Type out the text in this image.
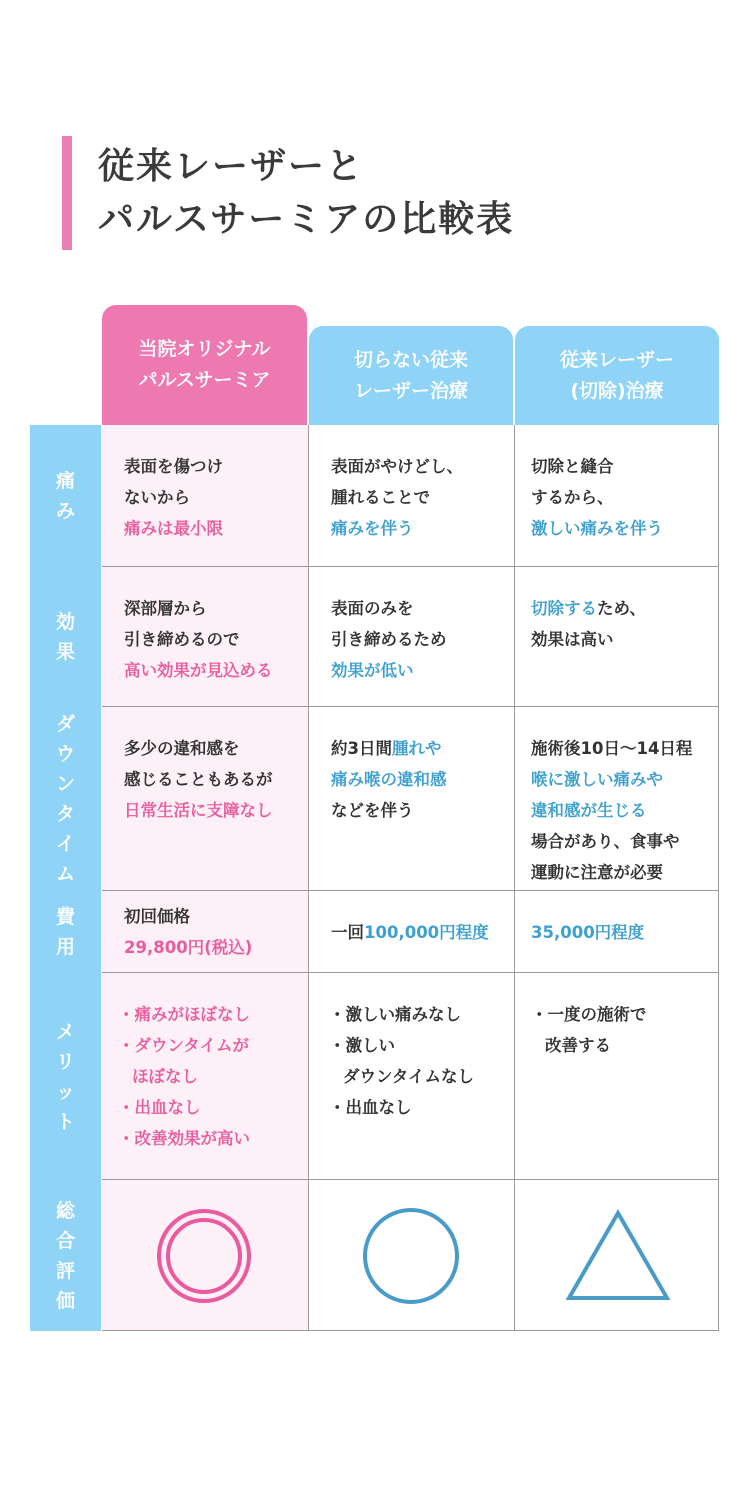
従来レーザーと
パルスサーミアの比較表
当院オリジナル
パルスサーミア
切らない従来
レーザー治療
従来レーザー
(切除)治療
痛み
効果
ダウンタイム
費用
メリット
総合評価
表面を傷つけ
ないから
痛みは最小限
表面がやけどし、
腫れることで
痛みを伴う
切除と縫合
するから、
激しい痛みを伴う
深部層から
引き締めるので
高い効果が見込める
表面のみを
引き締めるため
効果が低い
切除するため、
効果は高い
多少の違和感を
感じることもあるが
日常生活に支障なし
約3日間腫れや
痛み喉の違和感
などを伴う
施術後10日〜14日程
喉に激しい痛みや
違和感が生じる
場合があり、食事や
運動に注意が必要
初回価格
29,800円(税込)
一回100,000円程度	35,000円程度
・痛みがほぼなし
・ダウンタイムが
ほぼなし
・出血なし
・改善効果が高い
・激しい痛みなし
・激しい
ダウンタイムなし
・出血なし
・一度の施術で
改善する
